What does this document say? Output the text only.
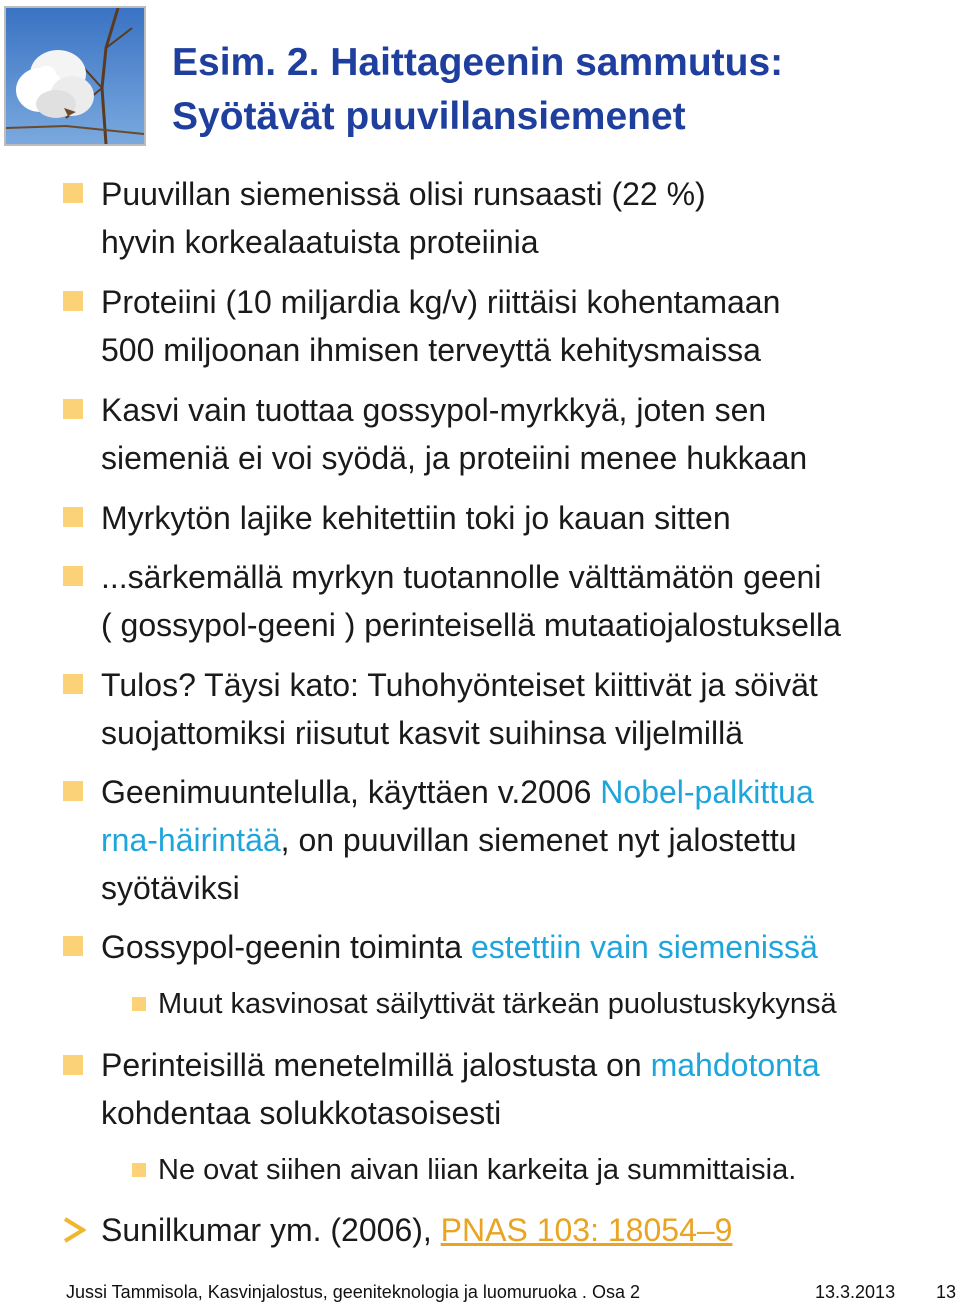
Esim. 2. Haittageenin sammutus:
Syötävät puuvillansiemenet
Puuvillan siemenissä olisi runsaasti (22 %)
hyvin korkealaatuista proteiinia
Proteiini (10 miljardia kg/v) riittäisi kohentamaan
500 miljoonan ihmisen terveyttä kehitysmaissa
Kasvi vain tuottaa gossypol-myrkkyä, joten sen
siemeniä ei voi syödä, ja proteiini menee hukkaan
Myrkytön lajike kehitettiin toki jo kauan sitten
...särkemällä myrkyn tuotannolle välttämätön geeni
( gossypol-geeni ) perinteisellä mutaatiojalostuksella
Tulos? Täysi kato: Tuhohyönteiset kiittivät ja söivät
suojattomiksi riisutut kasvit suihinsa viljelmillä
Geenimuuntelulla, käyttäen v.2006 Nobel-palkittua
rna-häirintää, on puuvillan siemenet nyt jalostettu
syötäviksi
Gossypol-geenin toiminta estettiin vain siemenissä
Muut kasvinosat säilyttivät tärkeän puolustuskykynsä
Perinteisillä menetelmillä jalostusta on mahdotonta
kohdentaa solukkotasoisesti
Ne ovat siihen aivan liian karkeita ja summittaisia.
Sunilkumar ym. (2006), PNAS 103: 18054–9
Jussi Tammisola, Kasvinjalostus, geeniteknologia ja luomuruoka . Osa 2	13.3.2013 13
